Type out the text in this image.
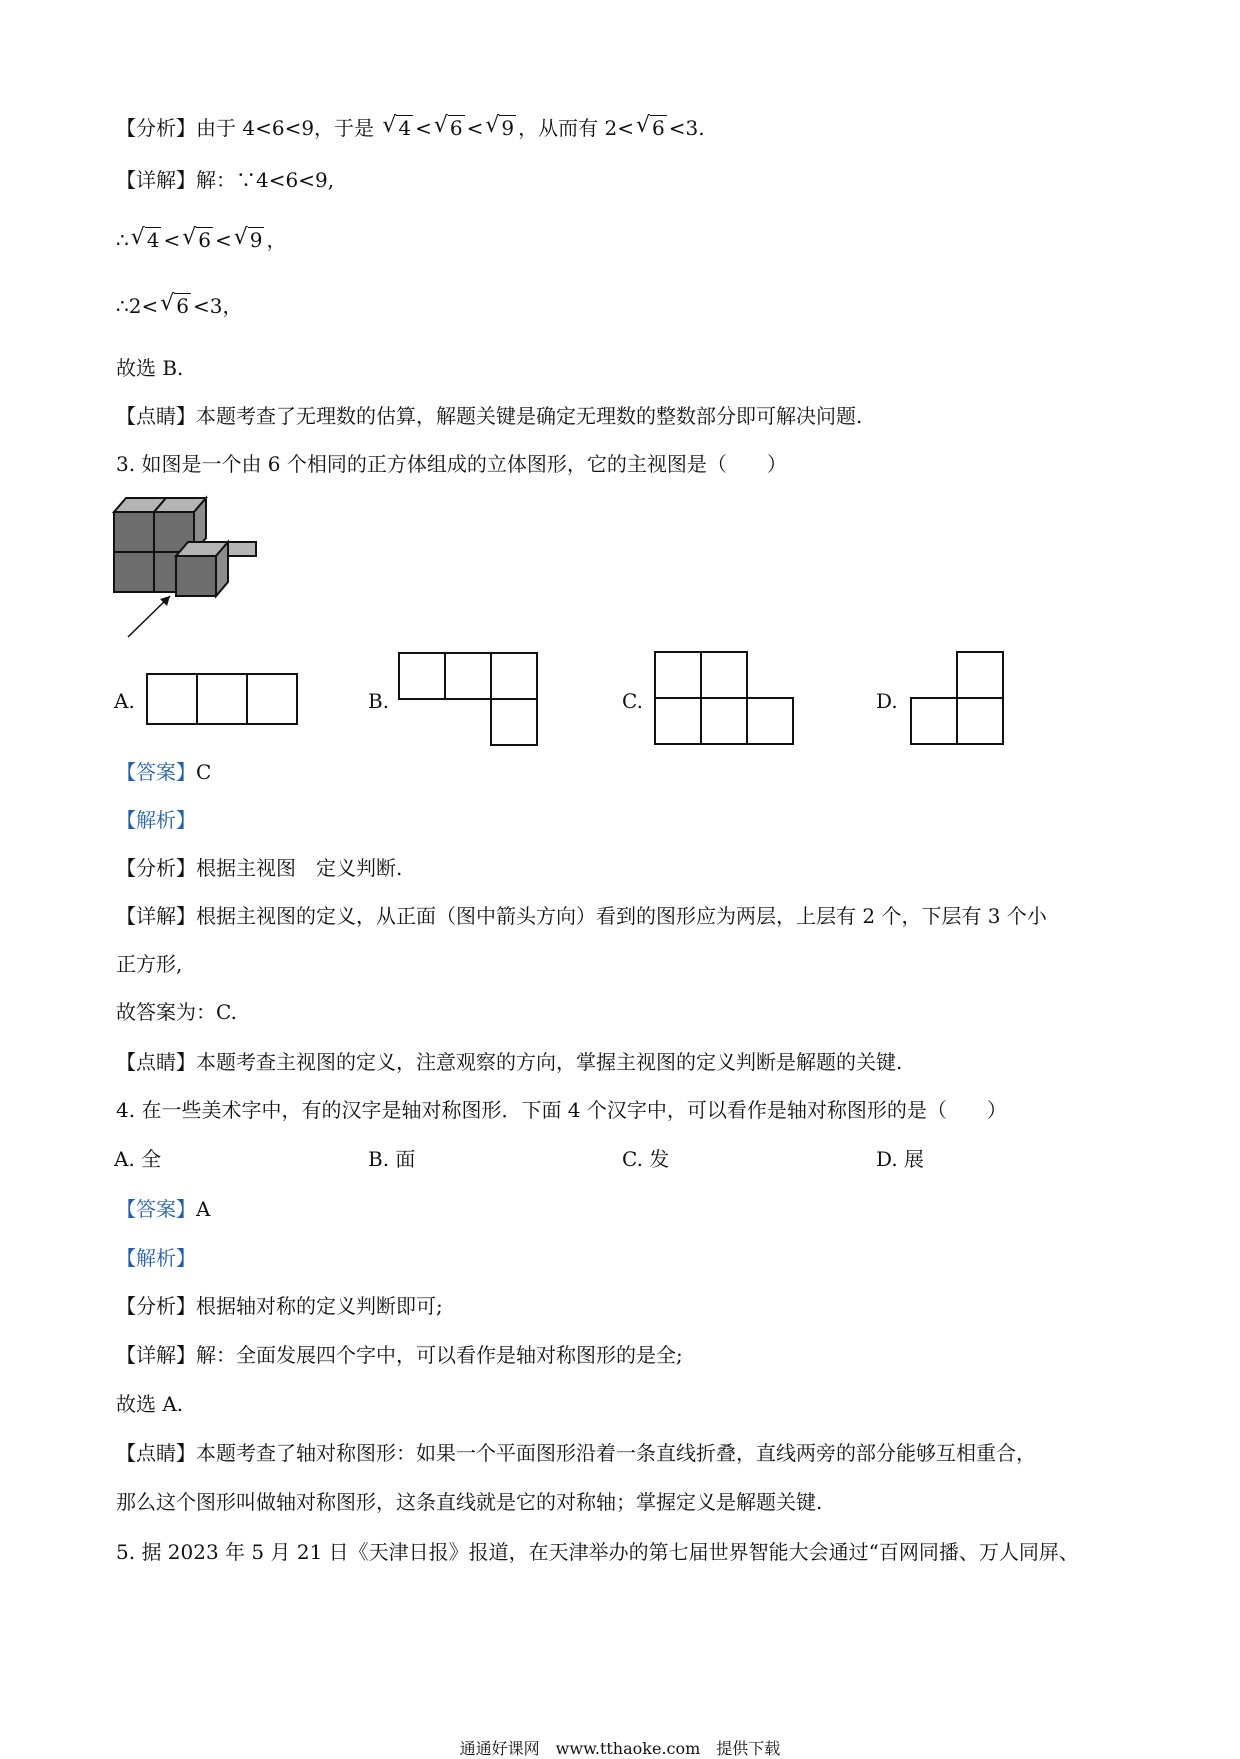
【分析】由于 4<6<9，于是 √ 4 < √ 6 < √ 9 ，从而有 2< √ 6 <3.
【详解】解：∵4<6<9,
∴ √ 4 < √ 6 < √ 9 ，
∴2< √ 6 <3，
故选 B.
【点睛】本题考查了无理数的估算，解题关键是确定无理数的整数部分即可解决问题.
3. 如图是一个由 6 个相同的正方体组成的立体图形，它的主视图是（　　）
A.	B.	C.	D.
【答案】C
【解析】
【分析】根据主视图　定义判断.
【详解】根据主视图的定义，从正面（图中箭头方向）看到的图形应为两层，上层有 2 个，下层有 3 个小
正方形,
故答案为：C.
【点睛】本题考查主视图的定义，注意观察的方向，掌握主视图的定义判断是解题的关键.
4. 在一些美术字中，有的汉字是轴对称图形．下面 4 个汉字中，可以看作是轴对称图形的是（　　）
A. 全	B. 面	C. 发	D. 展
【答案】A
【解析】
【分析】根据轴对称的定义判断即可;
【详解】解：全面发展四个字中，可以看作是轴对称图形的是全;
故选 A.
【点睛】本题考查了轴对称图形：如果一个平面图形沿着一条直线折叠，直线两旁的部分能够互相重合，
那么这个图形叫做轴对称图形，这条直线就是它的对称轴；掌握定义是解题关键.
5. 据 2023 年 5 月 21 日《天津日报》报道，在天津举办的第七届世界智能大会通过“百网同播、万人同屏、
通通好课网　www.tthaoke.com　提供下载
